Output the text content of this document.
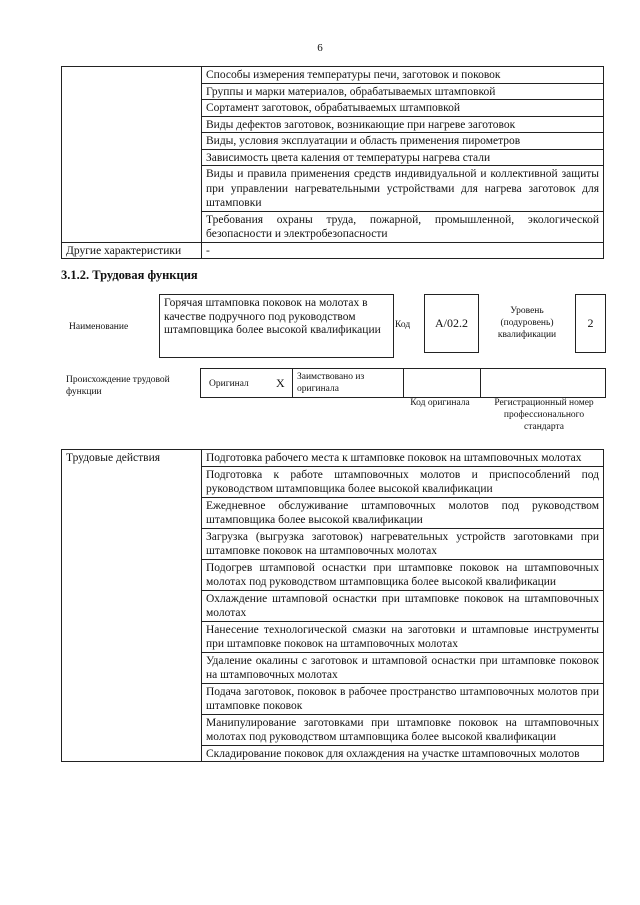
6
	Способы измерения температуры печи, заготовок и поковок
	Группы и марки материалов, обрабатываемых штамповкой
	Сортамент заготовок, обрабатываемых штамповкой
	Виды дефектов заготовок, возникающие при нагреве заготовок
	Виды, условия эксплуатации и область применения пирометров
	Зависимость цвета каления от температуры нагрева стали
	Виды и правила применения средств индивидуальной и коллективной защиты при управлении нагревательными устройствами для нагрева заготовок для штамповки
	Требования охраны труда, пожарной, промышленной, экологической безопасности и электробезопасности
Другие характеристики	-
3.1.2. Трудовая функция
Наименование
Горячая штамповка поковок на молотах в качестве подручного под руководством штамповщика более высокой квалификации	Код	A/02.2
Уровень (подуровень) квалификации
2
Происхождение трудовой функции
Оригинал X Заимствовано из оригинала
Код оригинала	Регистрационный номер профессионального стандарта
Трудовые действия	Подготовка рабочего места к штамповке поковок на штамповочных молотах
Подготовка к работе штамповочных молотов и приспособлений под руководством штамповщика более высокой квалификации
Ежедневное обслуживание штамповочных молотов под руководством штамповщика более высокой квалификации
Загрузка (выгрузка заготовок) нагревательных устройств заготовками при штамповке поковок на штамповочных молотах
Подогрев штамповой оснастки при штамповке поковок на штамповочных молотах под руководством штамповщика более высокой квалификации
Охлаждение штамповой оснастки при штамповке поковок на штамповочных молотах
Нанесение технологической смазки на заготовки и штамповые инструменты при штамповке поковок на штамповочных молотах
Удаление окалины с заготовок и штамповой оснастки при штамповке поковок на штамповочных молотах
Подача заготовок, поковок в рабочее пространство штамповочных молотов при штамповке поковок
Манипулирование заготовками при штамповке поковок на штамповочных молотах под руководством штамповщика более высокой квалификации
Складирование поковок для охлаждения на участке штамповочных молотов
